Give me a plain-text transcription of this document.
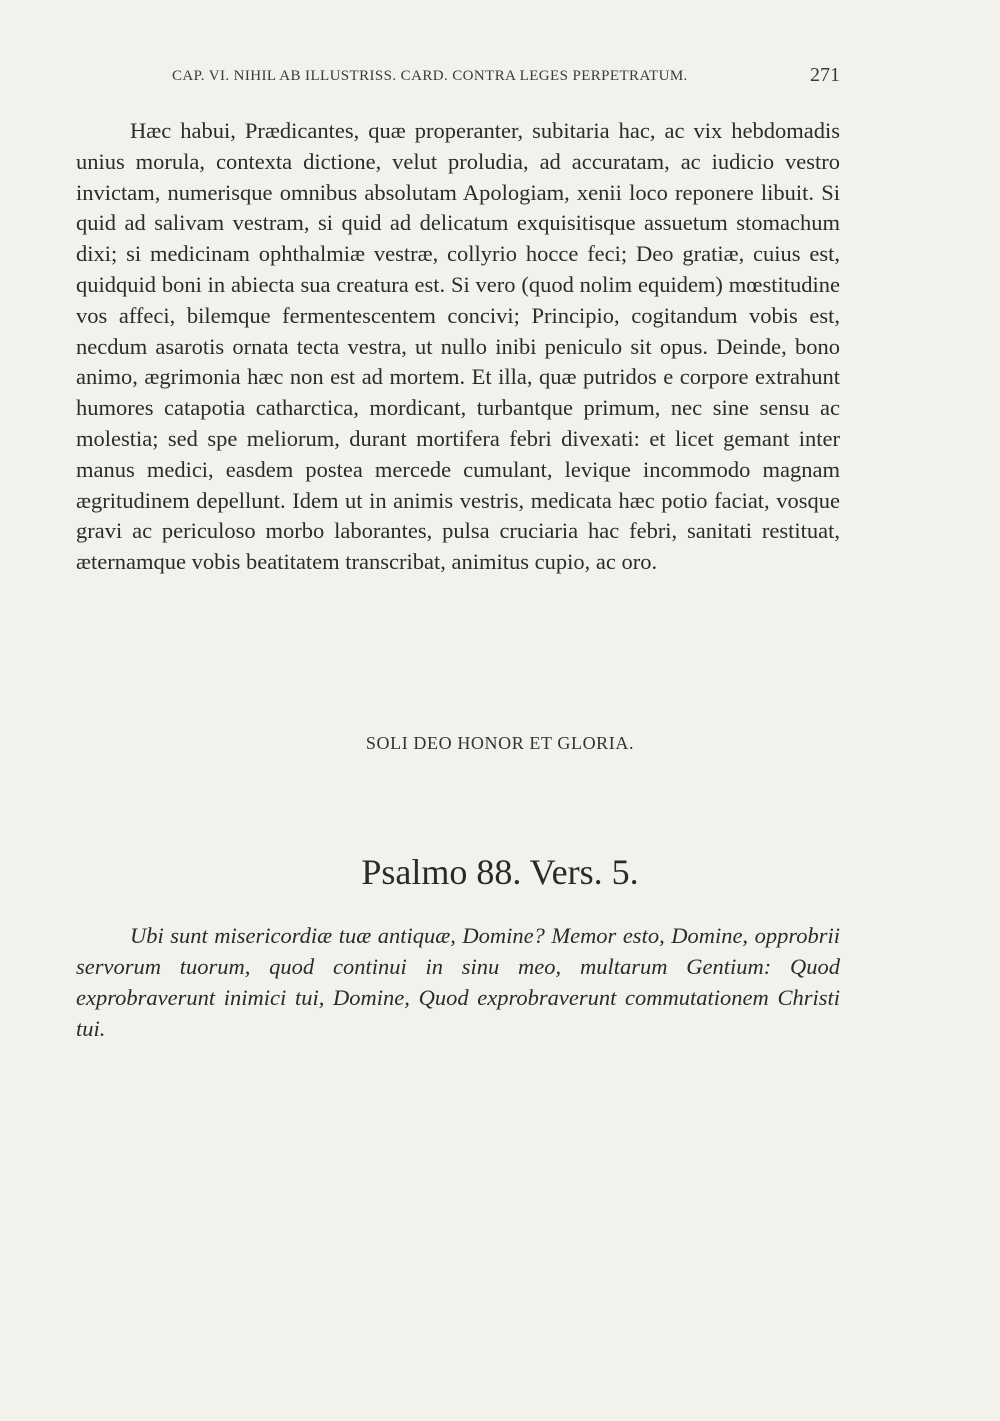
CAP. VI. NIHIL AB ILLUSTRISS. CARD. CONTRA LEGES PERPETRATUM.	271

Hæc habui, Prædicantes, quæ properanter, subitaria hac, ac vix hebdomadis unius morula, contexta dictione, velut proludia, ad accuratam, ac iudicio vestro invictam, numerisque omnibus absolutam Apologiam, xenii loco reponere libuit. Si quid ad salivam vestram, si quid ad delicatum exquisitisque assuetum stomachum dixi; si medicinam ophthalmiæ vestræ, collyrio hocce feci; Deo gratiæ, cuius est, quidquid boni in abiecta sua creatura est. Si vero (quod nolim equidem) mœstitudine vos affeci, bilemque fermentescentem concivi; Principio, cogitandum vobis est, necdum asarotis ornata tecta vestra, ut nullo inibi peniculo sit opus. Deinde, bono animo, ægrimonia hæc non est ad mortem. Et illa, quæ putridos e corpore extrahunt humores catapotia catharctica, mordicant, turbantque primum, nec sine sensu ac molestia; sed spe meliorum, durant mortifera febri divexati: et licet gemant inter manus medici, easdem postea mercede cumulant, levique incommodo magnam ægritudinem depellunt. Idem ut in animis vestris, medicata hæc potio faciat, vosque gravi ac periculoso morbo laborantes, pulsa cruciaria hac febri, sanitati restituat, æternamque vobis beatitatem transcribat, animitus cupio, ac oro.

SOLI DEO HONOR ET GLORIA.
Psalmo 88. Vers. 5.

Ubi sunt misericordiæ tuæ antiquæ, Domine? Memor esto, Domine, opprobrii servorum tuorum, quod continui in sinu meo, multarum Gentium: Quod exprobraverunt inimici tui, Domine, Quod exprobraverunt commutationem Christi tui.
